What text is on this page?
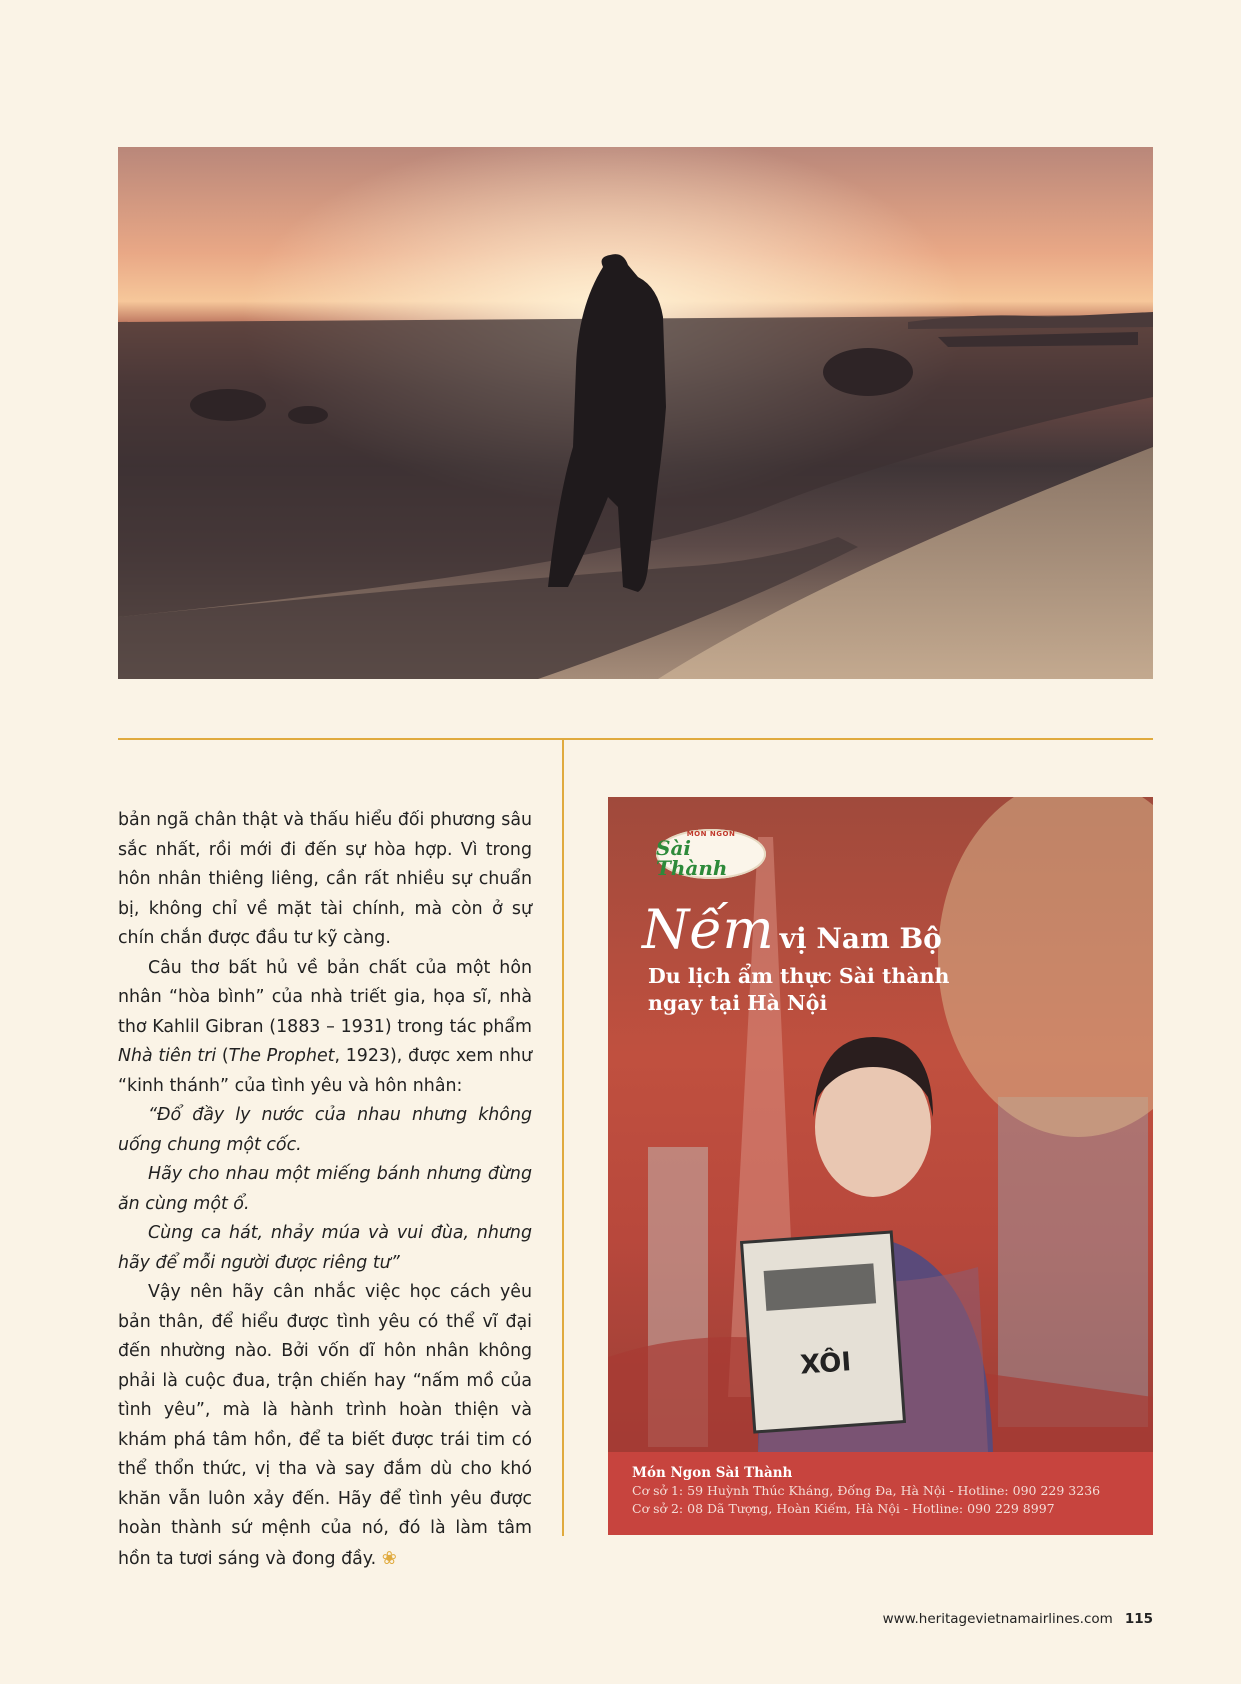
bản ngã chân thật và thấu hiểu đối phương sâu sắc nhất, rồi mới đi đến sự hòa hợp. Vì trong hôn nhân thiêng liêng, cần rất nhiều sự chuẩn bị, không chỉ về mặt tài chính, mà còn ở sự chín chắn được đầu tư kỹ càng.

Câu thơ bất hủ về bản chất của một hôn nhân “hòa bình” của nhà triết gia, họa sĩ, nhà thơ Kahlil Gibran (1883 – 1931) trong tác phẩm Nhà tiên tri (The Prophet, 1923), được xem như “kinh thánh” của tình yêu và hôn nhân:

“Đổ đầy ly nước của nhau nhưng không uống chung một cốc.

Hãy cho nhau một miếng bánh nhưng đừng ăn cùng một ổ.

Cùng ca hát, nhảy múa và vui đùa, nhưng hãy để mỗi người được riêng tư”

Vậy nên hãy cân nhắc việc học cách yêu bản thân, để hiểu được tình yêu có thể vĩ đại đến nhường nào. Bởi vốn dĩ hôn nhân không phải là cuộc đua, trận chiến hay “nấm mồ của tình yêu”, mà là hành trình hoàn thiện và khám phá tâm hồn, để ta biết được trái tim có thể thổn thức, vị tha và say đắm dù cho khó khăn vẫn luôn xảy đến. Hãy để tình yêu được hoàn thành sứ mệnh của nó, đó là làm tâm hồn ta tươi sáng và đong đầy. ❀

XÔI
MÓN NGON
Sài Thành
Nếm vị Nam Bộ
Du lịch ẩm thực Sài thành
ngay tại Hà Nội
Món Ngon Sài Thành
Cơ sở 1: 59 Huỳnh Thúc Kháng, Đống Đa, Hà Nội - Hotline: 090 229 3236
Cơ sở 2: 08 Dã Tượng, Hoàn Kiếm, Hà Nội - Hotline: 090 229 8997
www.heritagevietnamairlines.com 115
